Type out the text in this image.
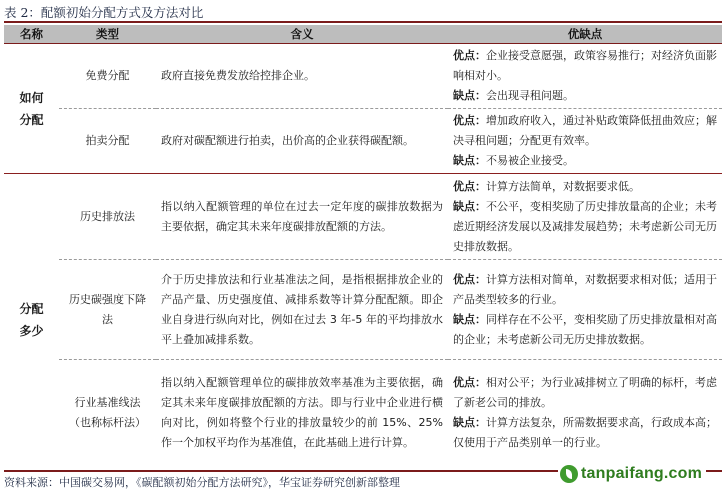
表 2：配额初始分配方式及方法对比
名称	类型	含义	优缺点
如何分配	免费分配	政府直接免费发放给控排企业。	优点：企业接受意愿强，政策容易推行；对经济负面影响相对小。
缺点：会出现寻租问题。

	拍卖分配	政府对碳配额进行拍卖，出价高的企业获得碳配额。	优点：增加政府收入，通过补贴政策降低扭曲效应；解决寻租问题；分配更有效率。
缺点：不易被企业接受。

分配多少	历史排放法	指以纳入配额管理的单位在过去一定年度的碳排放数据为主要依据，确定其未来年度碳排放配额的方法。	优点：计算方法简单，对数据要求低。
缺点：不公平，变相奖励了历史排放量高的企业；未考虑近期经济发展以及减排发展趋势；未考虑新公司无历史排放数据。

	历史碳强度下降法	介于历史排放法和行业基准法之间，是指根据排放企业的产品产量、历史强度值、减排系数等计算分配配额。即企业自身进行纵向对比，例如在过去 3 年-5 年的平均排放水平上叠加减排系数。	优点：计算方法相对简单，对数据要求相对低；适用于产品类型较多的行业。
缺点：同样存在不公平，变相奖励了历史排放量相对高的企业；未考虑新公司无历史排放数据。

	行业基准线法（也称标杆法）	指以纳入配额管理单位的碳排放效率基准为主要依据，确定其未来年度碳排放配额的方法。即与行业中企业进行横向对比，例如将整个行业的排放量较少的前 15%、25%作一个加权平均作为基准值，在此基础上进行计算。	优点：相对公平；为行业减排树立了明确的标杆，考虑了新老公司的排放。
缺点：计算方法复杂，所需数据要求高，行政成本高；仅使用于产品类别单一的行业。
资料来源：中国碳交易网，《碳配额初始分配方法研究》，华宝证券研究创新部整理
tanpaifang.com
